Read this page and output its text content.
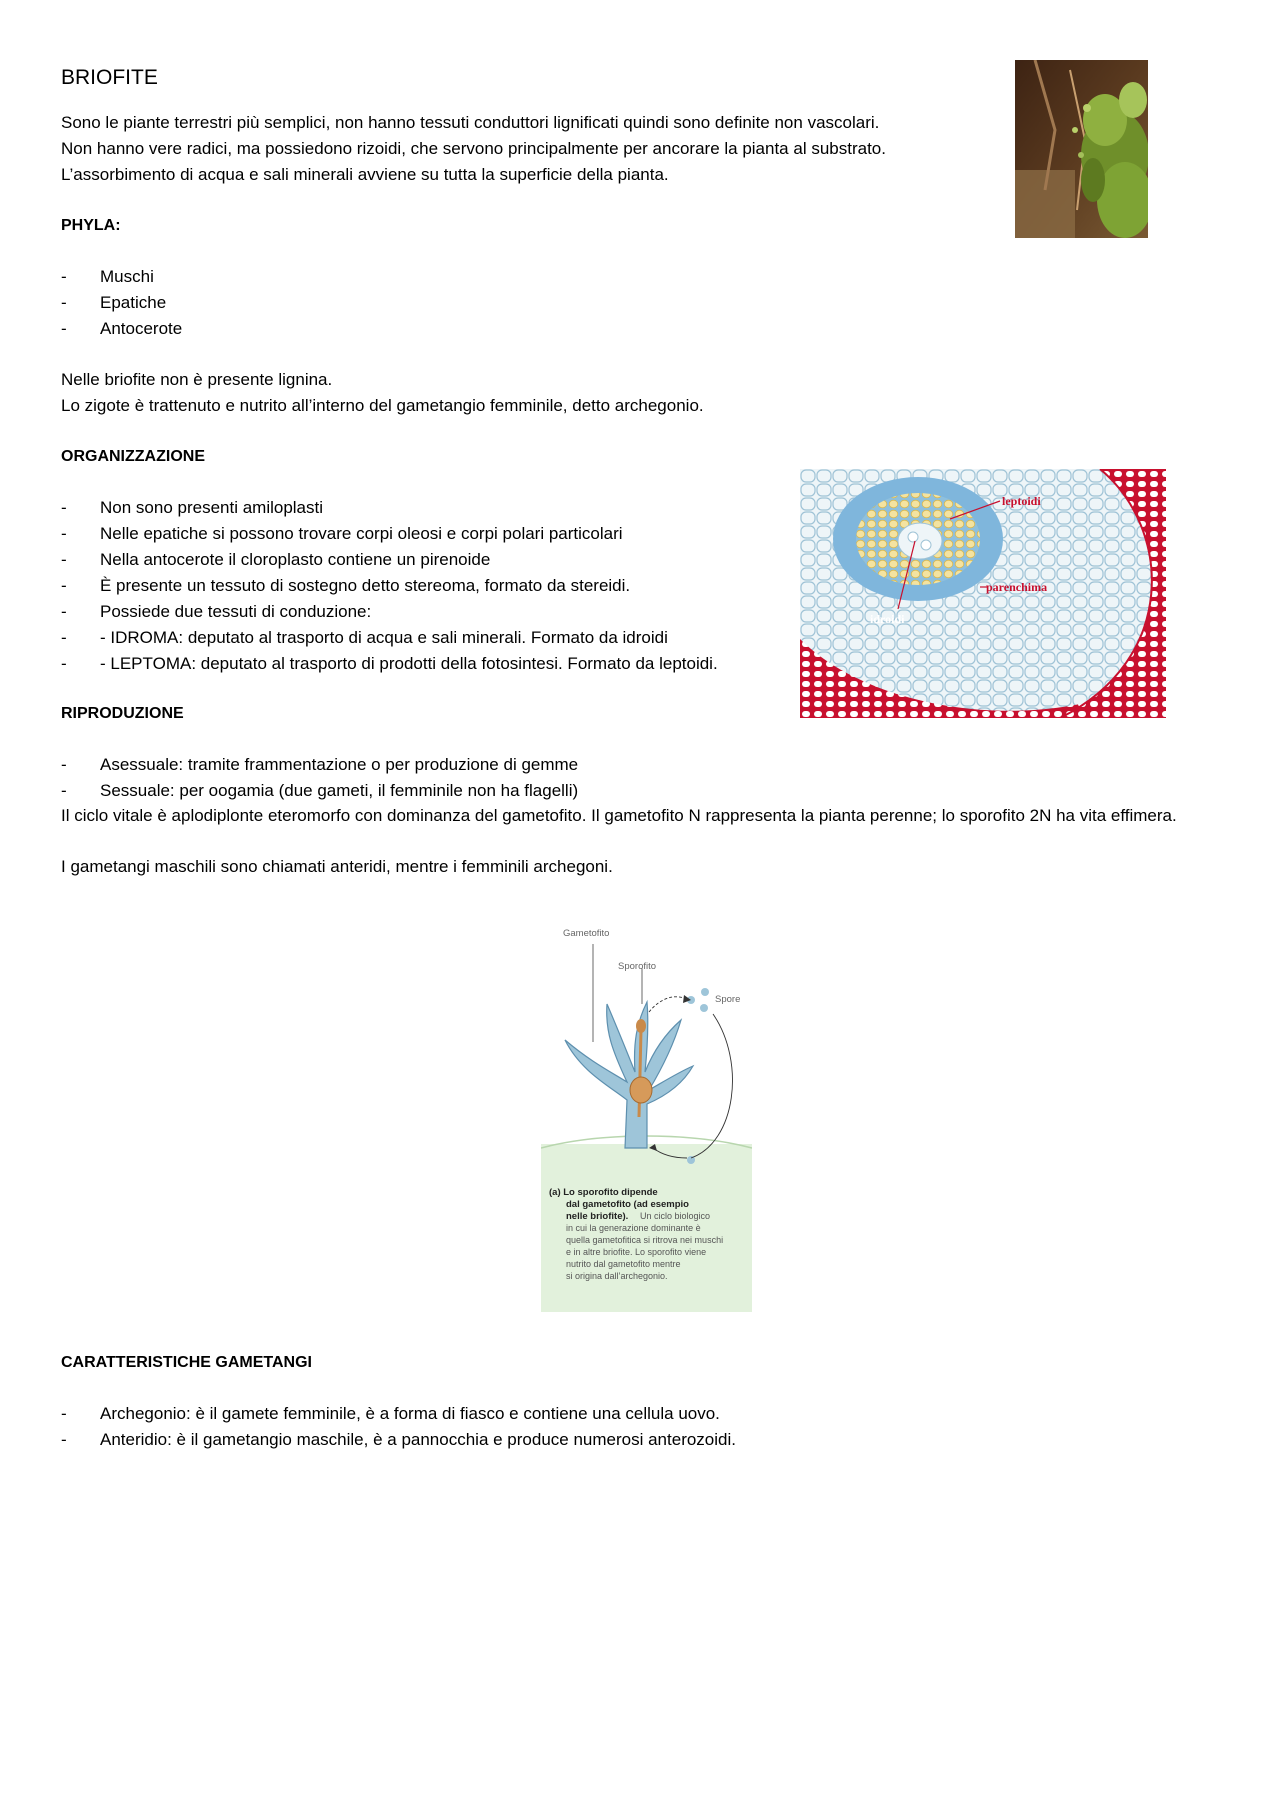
BRIOFITE
Sono le piante terrestri più semplici, non hanno tessuti conduttori lignificati quindi sono definite non vascolari.
Non hanno vere radici, ma possiedono rizoidi, che servono principalmente per ancorare la pianta al substrato.
L’assorbimento di acqua e sali minerali avviene su tutta la superficie della pianta.
PHYLA:
- Muschi
- Epatiche
- Antocerote
Nelle briofite non è presente lignina.
Lo zigote è trattenuto e nutrito all’interno del gametangio femminile, detto archegonio.
ORGANIZZAZIONE
leptoidi
parenchima
idroidi
- Non sono presenti amiloplasti
- Nelle epatiche si possono trovare corpi oleosi e corpi polari particolari
- Nella antocerote il cloroplasto contiene un pirenoide
- È presente un tessuto di sostegno detto stereoma, formato da stereidi.
- Possiede due tessuti di conduzione:
- - IDROMA: deputato al trasporto di acqua e sali minerali. Formato da idroidi
- - LEPTOMA: deputato al trasporto di prodotti della fotosintesi. Formato da leptoidi.
RIPRODUZIONE
- Asessuale: tramite frammentazione o per produzione di gemme
- Sessuale: per oogamia (due gameti, il femminile non ha flagelli)
Il ciclo vitale è aplodiplonte eteromorfo con dominanza del gametofito. Il gametofito N rappresenta la pianta perenne; lo sporofito 2N ha vita effimera.
I gametangi maschili sono chiamati anteridi, mentre i femminili archegoni.
Gametofito
Sporofito
Spore
(a) Lo sporofito dipende
dal gametofito (ad esempio
nelle briofite). Un ciclo biologico
in cui la generazione dominante è
quella gametofitica si ritrova nei muschi
e in altre briofite. Lo sporofito viene
nutrito dal gametofito mentre
si origina dall’archegonio.
CARATTERISTICHE GAMETANGI
- Archegonio: è il gamete femminile, è a forma di fiasco e contiene una cellula uovo.
- Anteridio: è il gametangio maschile, è a pannocchia e produce numerosi anterozoidi.
